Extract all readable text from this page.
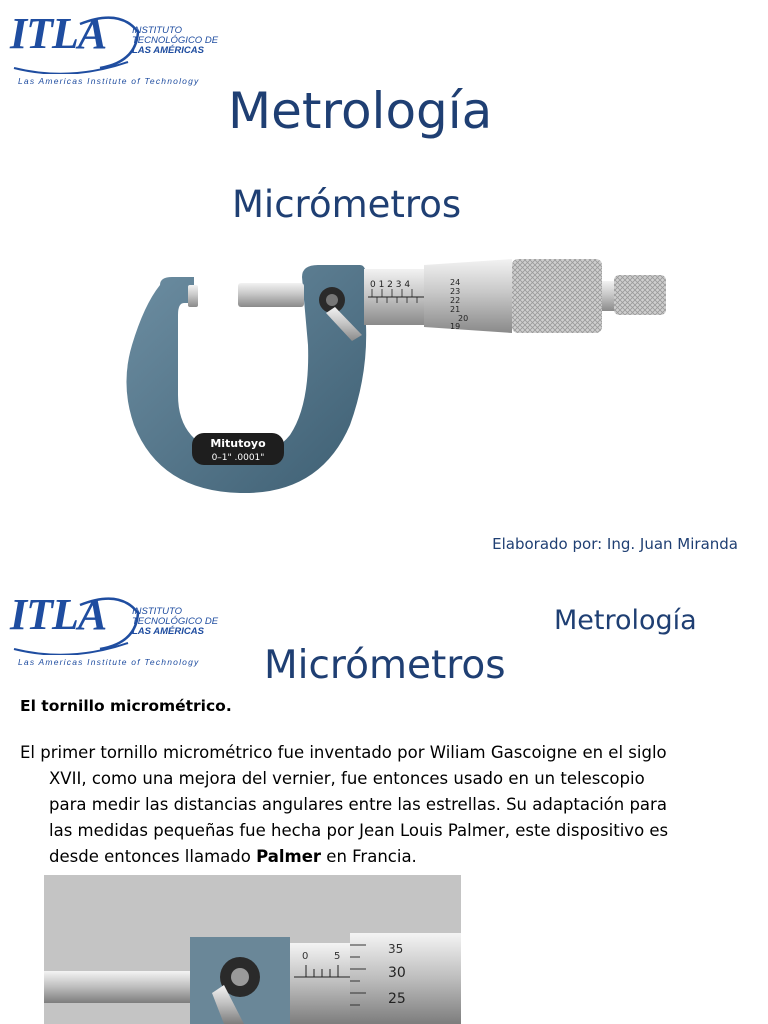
ITLA	INSTITUTO
TECNOLÓGICO DE
LAS AMÉRICAS
Las Americas Institute of Technology
Metrología
Micrómetros
0 1 2 3 4	24
23
22
21
20
19
Mitutoyo
0–1" .0001"
Elaborado por: Ing. Juan Miranda
ITLA	INSTITUTO
TECNOLÓGICO DE
LAS AMÉRICAS
Las Americas Institute of Technology
Metrología
Micrómetros
El tornillo micrométrico.
El primer tornillo micrométrico fue inventado por Wiliam Gascoigne en el siglo
XVII, como una mejora del vernier, fue entonces usado en un telescopio
para medir las distancias angulares entre las estrellas. Su adaptación para
las medidas pequeñas fue hecha por Jean Louis Palmer, este dispositivo es
desde entonces llamado Palmer en Francia.
0	5
35
30
25
